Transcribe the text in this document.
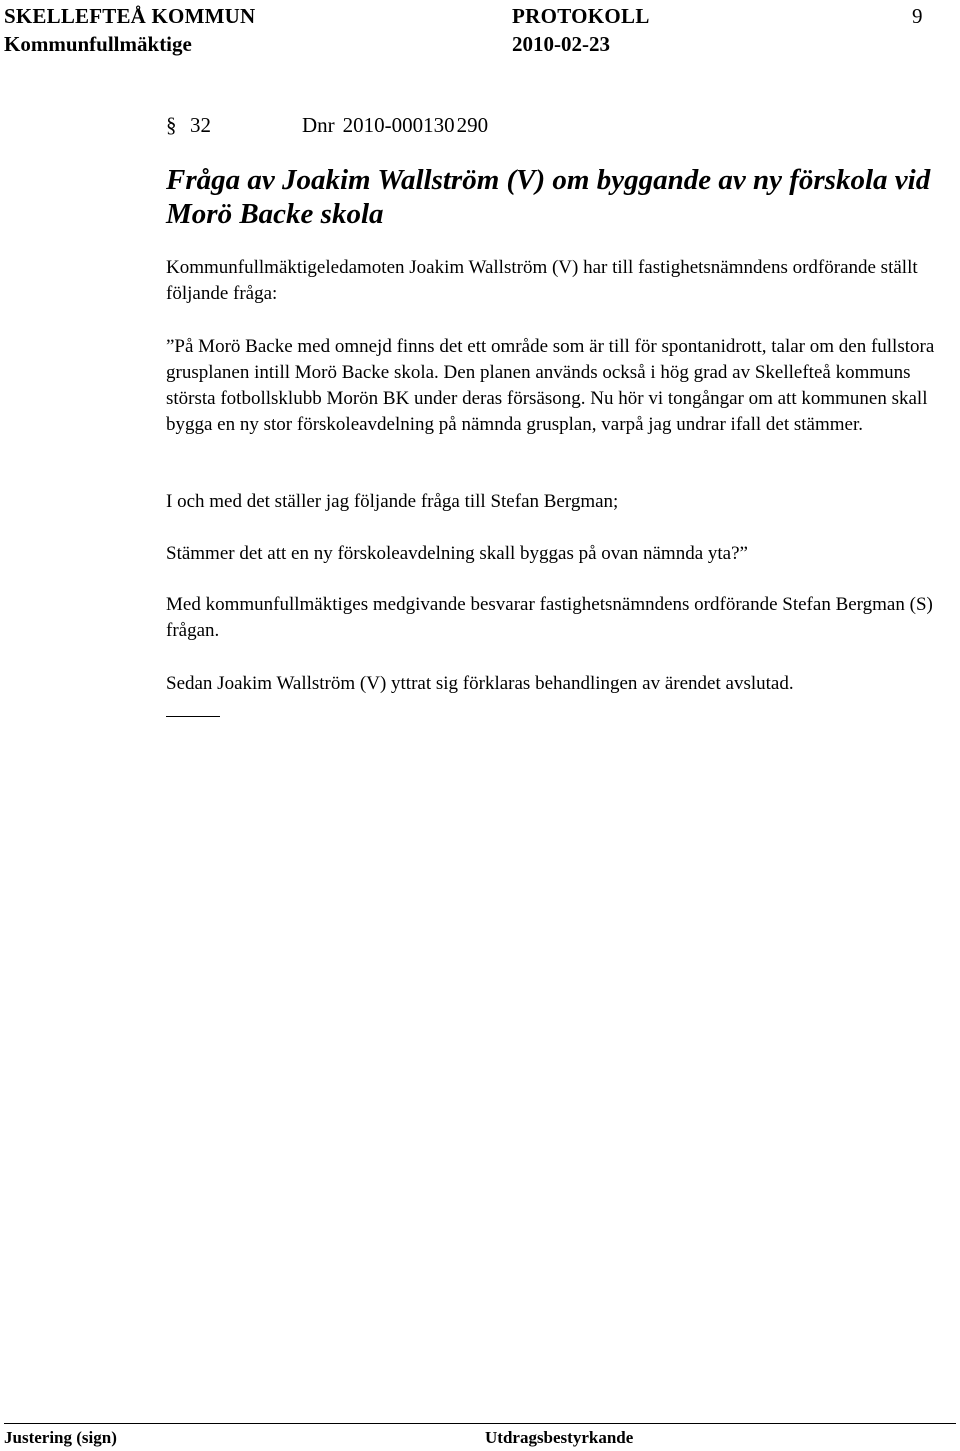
SKELLEFTEÅ KOMMUN
Kommunfullmäktige
PROTOKOLL
2010-02-23
9
§ 32	Dnr 2010-000130290
Fråga av Joakim Wallström (V) om byggande av ny förskola vid Morö Backe skola

Kommunfullmäktigeledamoten Joakim Wallström (V) har till fastighetsnämndens ordförande ställt följande fråga:

”På Morö Backe med omnejd finns det ett område som är till för spontanidrott, talar om den fullstora grusplanen intill Morö Backe skola. Den planen används också i hög grad av Skellefteå kommuns största fotbollsklubb Morön BK under deras försäsong. Nu hör vi tongångar om att kommunen skall bygga en ny stor förskoleavdelning på nämnda grusplan, varpå jag undrar ifall det stämmer.

I och med det ställer jag följande fråga till Stefan Bergman;

Stämmer det att en ny förskoleavdelning skall byggas på ovan nämnda yta?”

Med kommunfullmäktiges medgivande besvarar fastighetsnämndens ordförande Stefan Bergman (S) frågan.

Sedan Joakim Wallström (V) yttrat sig förklaras behandlingen av ärendet avslutad.

Justering (sign)	Utdragsbestyrkande
